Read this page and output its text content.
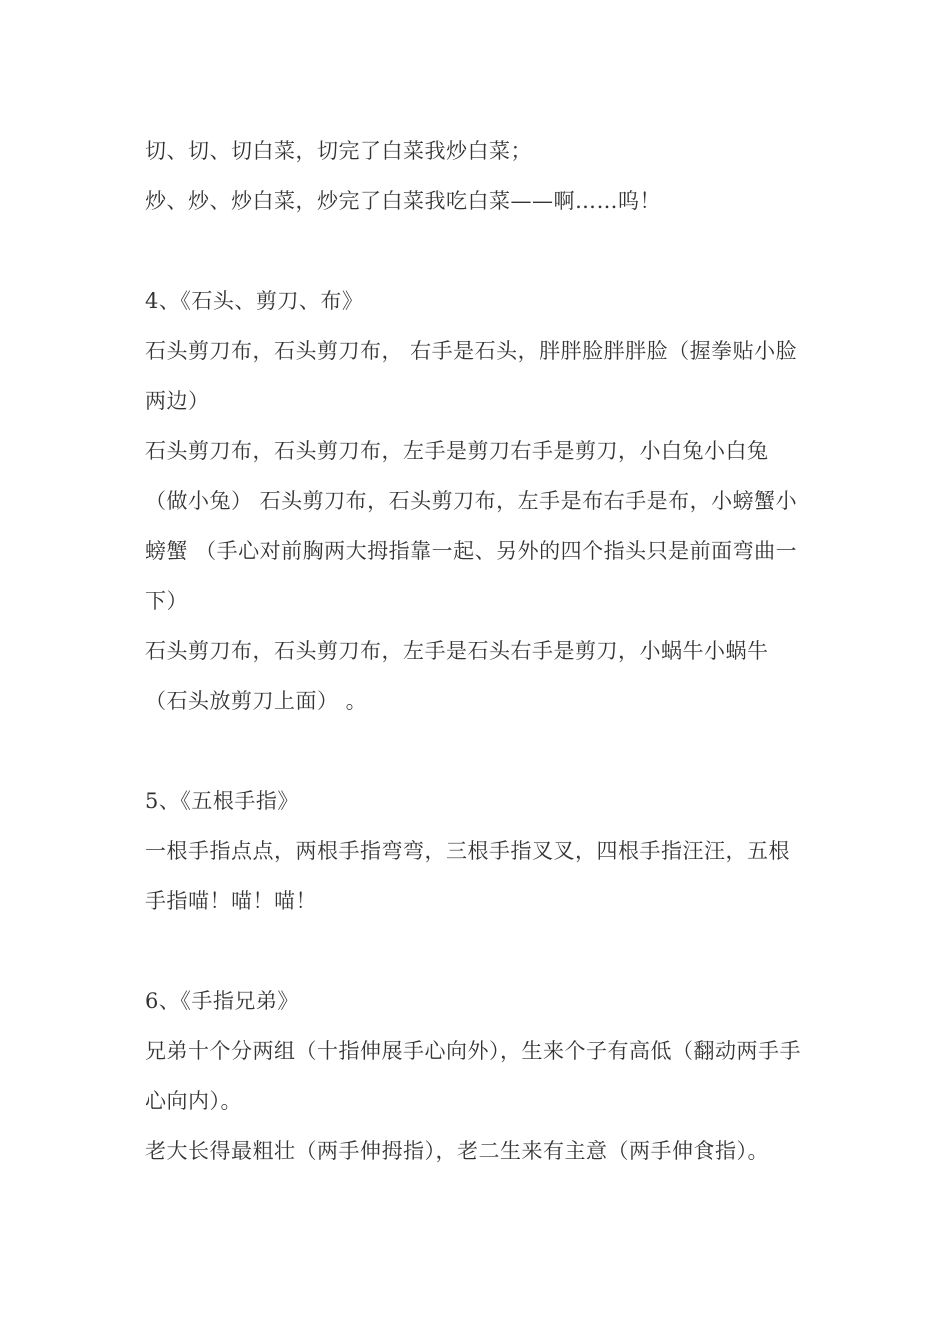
切、切、切白菜，切完了白菜我炒白菜；

炒、炒、炒白菜，炒完了白菜我吃白菜——啊……呜！

4、《石头、剪刀、布》

石头剪刀布，石头剪刀布， 右手是石头，胖胖脸胖胖脸（握拳贴小脸两边）

石头剪刀布，石头剪刀布，左手是剪刀右手是剪刀，小白兔小白兔（做小兔） 石头剪刀布，石头剪刀布，左手是布右手是布，小螃蟹小螃蟹 （手心对前胸两大拇指靠一起、另外的四个指头只是前面弯曲一下）

石头剪刀布，石头剪刀布，左手是石头右手是剪刀，小蜗牛小蜗牛（石头放剪刀上面） 。

5、《五根手指》

一根手指点点，两根手指弯弯，三根手指叉叉，四根手指汪汪，五根手指喵！喵！喵！

6、《手指兄弟》

兄弟十个分两组（十指伸展手心向外），生来个子有高低（翻动两手手心向内）。

老大长得最粗壮（两手伸拇指），老二生来有主意（两手伸食指）。
